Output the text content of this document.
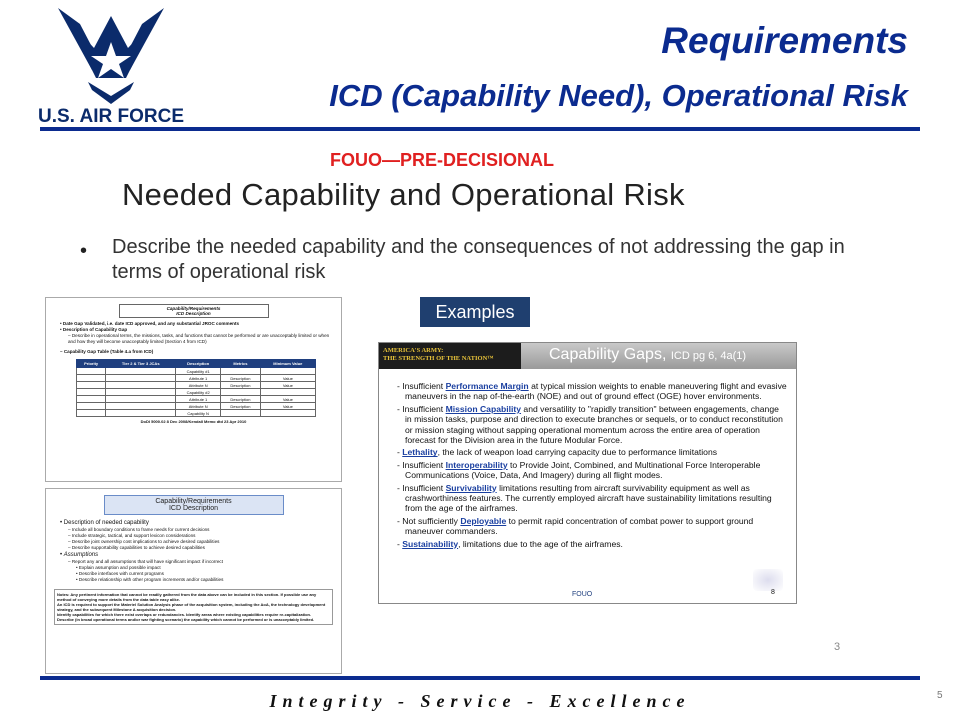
U.S. AIR FORCE
Requirements
ICD (Capability Need), Operational Risk
FOUO—PRE-DECISIONAL
Needed Capability and Operational Risk
• Describe the needed capability and the consequences of not addressing the gap in terms of operational risk
Capability/Requirements
ICD Description
• Date Gap Validated, i.e. date ICD approved, and any substantial JROC comments
• Description of Capability Gap
– Describe in operational terms, the missions, tasks, and functions that cannot be performed or are unacceptably limited or when and how they will become unacceptably limited (Section 4 from ICD)
– Capability Gap Table (Table 4.a from ICD)
Priority	Tier 2 & Tier 3 JCAs	Description	Metrics	Minimum Value
		Capability #1		
		Attribute 1	Description	Value
		Attribute N	Description	Value
		Capability #2		
		Attribute 1	Description	Value
		Attribute N	Description	Value
		Capability N		
DoDI 5000.02 8 Dec 2008/Kendall Memo dtd 23 Apr 2010
Capability/Requirements
ICD Description
• Description of needed capability
– Include all boundary conditions to frame needs for current decisions
– Include strategic, tactical, and support lexicon considerations
– Describe joint ownership cost implications to achieve desired capabilities
– Describe supportability capabilities to achieve desired capabilities
• Assumptions
– Report any and all assumptions that will have significant impact if incorrect
• Explain assumption and possible impact
• Describe interfaces with current programs
• Describe relationship with other program increments and/or capabilities
Notes: Any pertinent information that cannot be readily gathered from the data above can be included in this section. If possible use any method of conveying more details from the data table easy alike.
An ICD is required to support the Materiel Solution Analysis phase of the acquisition system, including the AoA, the technology development strategy, and the subsequent Milestone A acquisition decision.
Identify capabilities for which there exist overlaps or redundancies. Identify areas where existing capabilities require re-capitalization.
Describe (in broad operational terms and/or war fighting scenario) the capability which cannot be performed or is unacceptably limited.
Examples
AMERICA'S ARMY:
THE STRENGTH OF THE NATION™	Capability Gaps, ICD pg 6, 4a(1)
- Insufficient Performance Margin at typical mission weights to enable maneuvering flight and evasive maneuvers in the nap of-the-earth (NOE) and out of ground effect (OGE) hover environments.
- Insufficient Mission Capability and versatility to "rapidly transition" between engagements, change in mission tasks, purpose and direction to execute branches or sequels, or to conduct reconstitution or mission staging without sapping operational momentum across the entire area of operation forecast for the Division area in the future Modular Force.
- Lethality, the lack of weapon load carrying capacity due to performance limitations
- Insufficient Interoperability to Provide Joint, Combined, and Multinational Force Interoperable Communications (Voice, Data, And Imagery) during all flight modes.
- Insufficient Survivability limitations resulting from aircraft survivability equipment as well as crashworthiness features. The currently employed aircraft have sustainability limitations resulting from the age of the airframes.
- Not sufficiently Deployable to permit rapid concentration of combat power to support ground maneuver commanders.
- Sustainability, limitations due to the age of the airframes.
FOUO	8
3
Integrity - Service - Excellence	5
